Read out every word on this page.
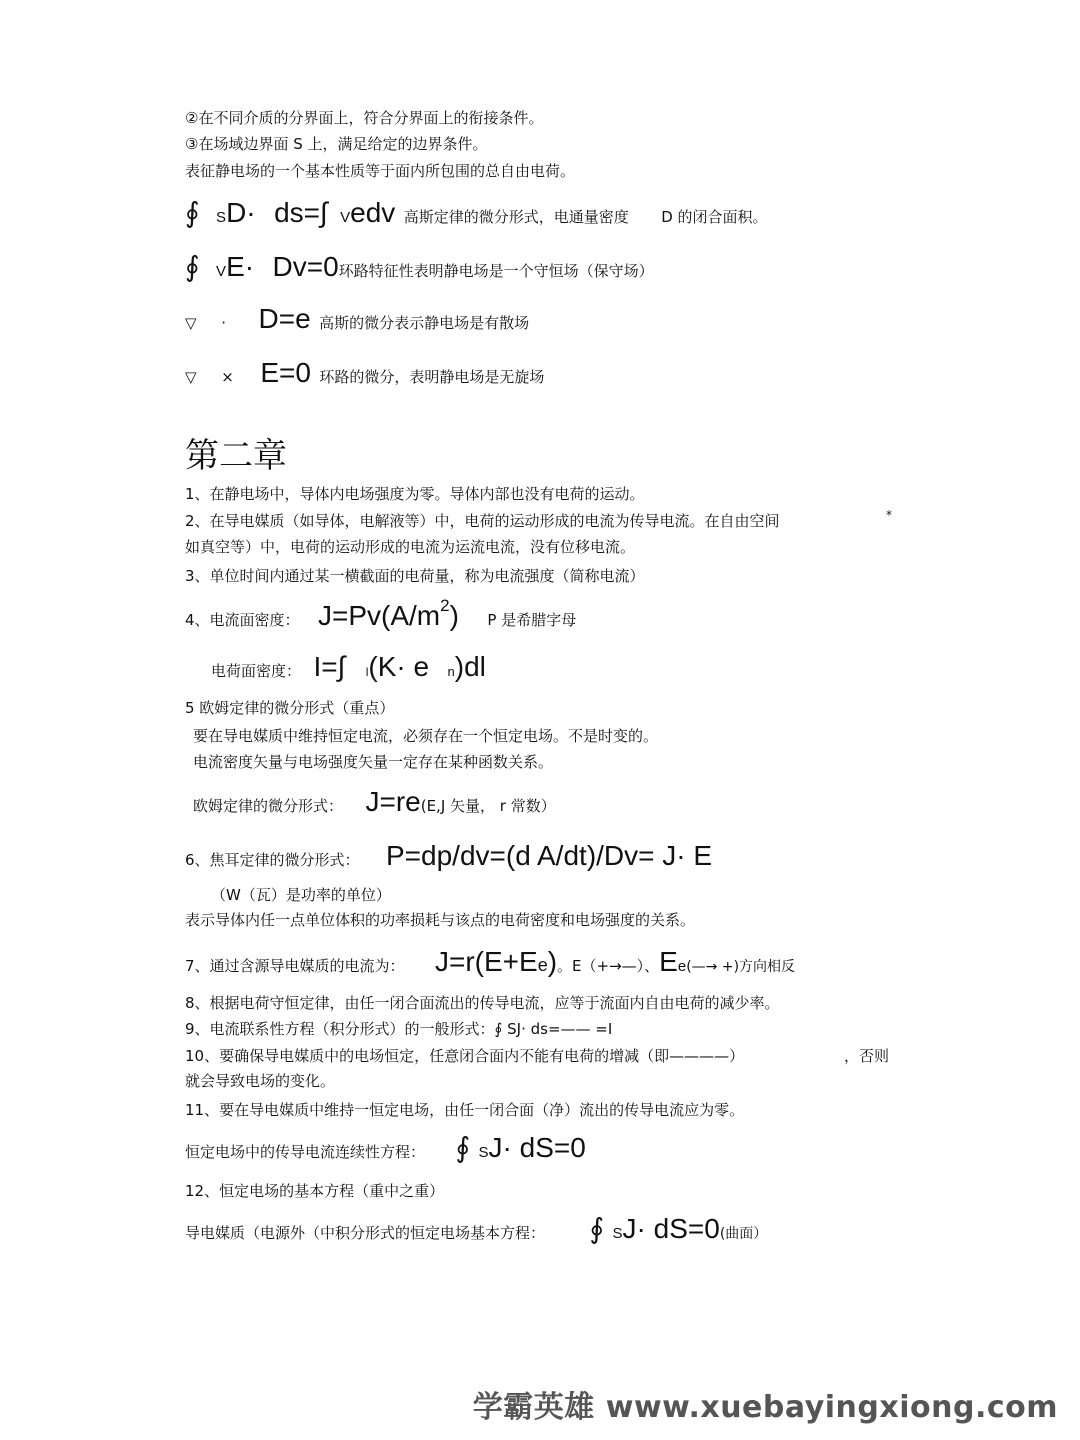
②在不同介质的分界面上，符合分界面上的衔接条件。
③在场域边界面 S 上，满足给定的边界条件。
表征静电场的一个基本性质等于面内所包围的总自由电荷。
∮ SD· ds=∫ Vedv 高斯定律的微分形式，电通量密度 D 的闭合面积。
∮ VE· Dv=0环路特征性表明静电场是一个守恒场（保守场）
▽ · D=e 高斯的微分表示静电场是有散场
▽ × E=0 环路的微分，表明静电场是无旋场
第二章
1、在静电场中，导体内电场强度为零。导体内部也没有电荷的运动。
2、在导电媒质（如导体，电解液等）中，电荷的运动形成的电流为传导电流。在自由空间	*
如真空等）中，电荷的运动形成的电流为运流电流，没有位移电流。
3、单位时间内通过某一横截面的电荷量，称为电流强度（简称电流）
4、电流面密度： $J=Pv(A/m^2)$ P 是希腊字母
电荷面密度： I=∫ l(K· e n)dl
5 欧姆定律的微分形式（重点）
要在导电媒质中维持恒定电流，必须存在一个恒定电场。不是时变的。
电流密度矢量与电场强度矢量一定存在某种函数关系。
欧姆定律的微分形式： J=re(E,J 矢量， r 常数）
6、焦耳定律的微分形式： P=dp/dv=(d A/dt)/Dv= J· E
（W（瓦）是功率的单位）
表示导体内任一点单位体积的功率损耗与该点的电荷密度和电场强度的关系。
7、通过含源导电媒质的电流为： J=r(E+Ee)。E（+→—）、Ee(—→ +)方向相反
8、根据电荷守恒定律，由任一闭合面流出的传导电流，应等于流面内自由电荷的减少率。
9、电流联系性方程（积分形式）的一般形式：∮ SJ· ds=—— =I
10、要确保导电媒质中的电场恒定，任意闭合面内不能有电荷的增减（即————）	，否则
就会导致电场的变化。
11、要在导电媒质中维持一恒定电场，由任一闭合面（净）流出的传导电流应为零。
恒定电场中的传导电流连续性方程： ∮ SJ· dS=0
12、恒定电场的基本方程（重中之重）
导电媒质（电源外（中积分形式的恒定电场基本方程： ∮ SJ· dS=0(曲面）
学霸英雄 www.xuebayingxiong.com
